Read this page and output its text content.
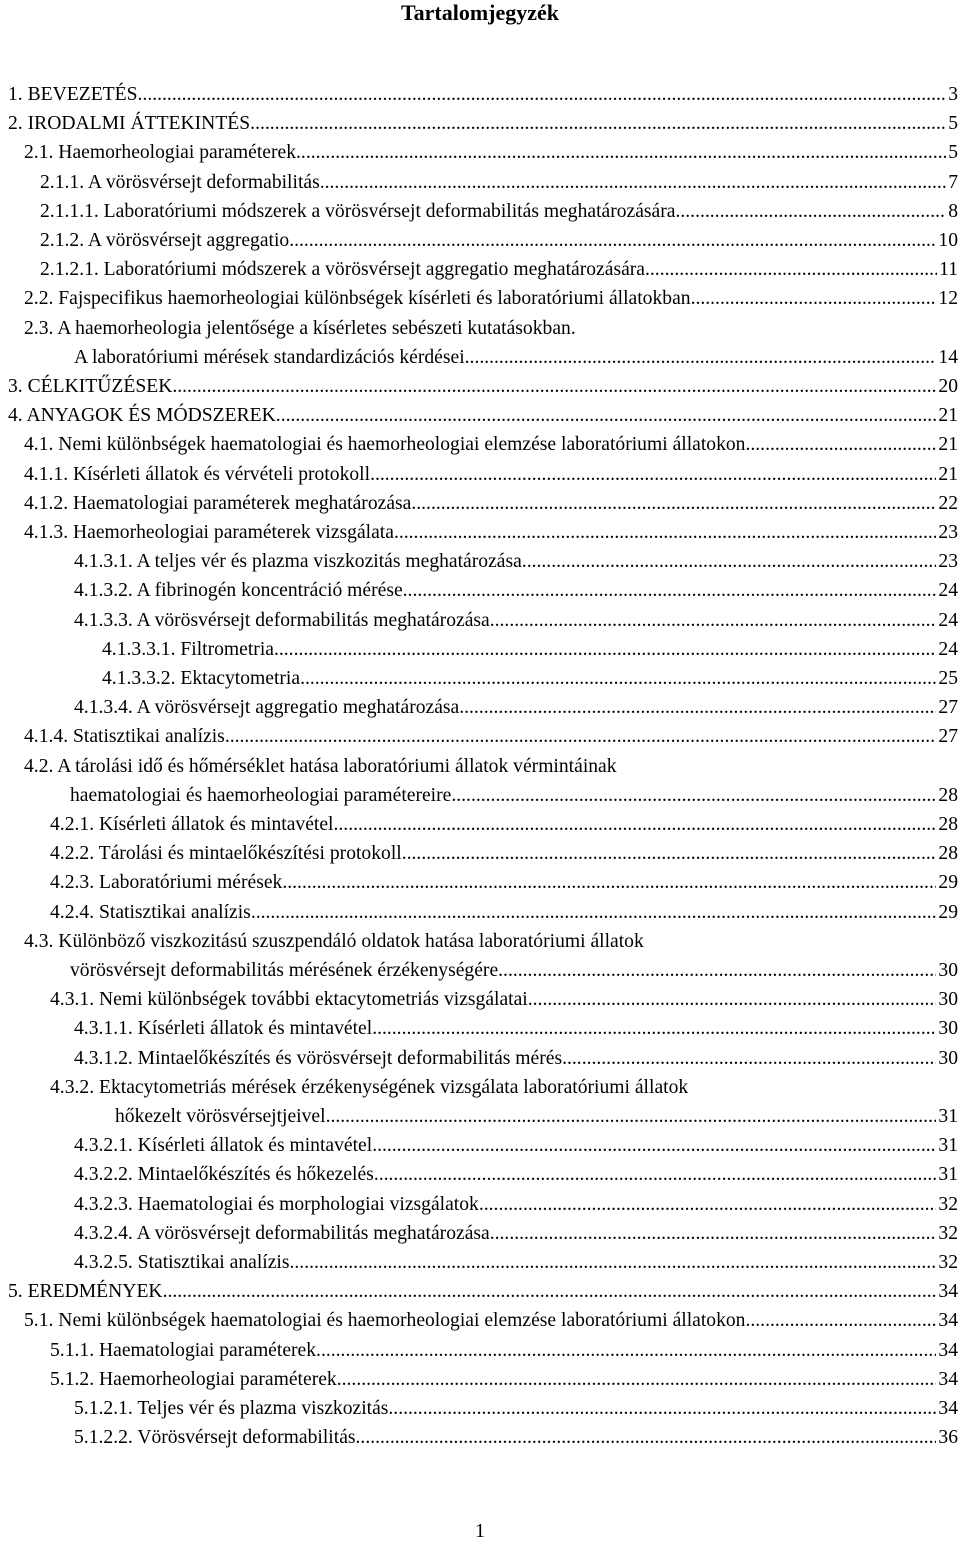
Tartalomjegyzék
1. BEVEZETÉS .....	3
2. IRODALMI ÁTTEKINTÉS .....	5
2.1. Haemorheologiai paraméterek .....	5
2.1.1. A vörösvérsejt deformabilitás .....	7
2.1.1.1. Laboratóriumi módszerek a vörösvérsejt deformabilitás meghatározására .....	8
2.1.2. A vörösvérsejt aggregatio .....	10
2.1.2.1. Laboratóriumi módszerek a vörösvérsejt aggregatio meghatározására .....	11
2.2. Fajspecifikus haemorheologiai különbségek kísérleti és laboratóriumi állatokban .....	12
2.3. A haemorheologia jelentősége a kísérletes sebészeti kutatásokban.
A laboratóriumi mérések standardizációs kérdései .....	14
3. CÉLKITŰZÉSEK .....	20
4. ANYAGOK ÉS MÓDSZEREK .....	21
4.1. Nemi különbségek haematologiai és haemorheologiai elemzése laboratóriumi állatokon .....	21
4.1.1. Kísérleti állatok és vérvételi protokoll .....	21
4.1.2. Haematologiai paraméterek meghatározása .....	22
4.1.3. Haemorheologiai paraméterek vizsgálata .....	23
4.1.3.1. A teljes vér és plazma viszkozitás meghatározása .....	23
4.1.3.2. A fibrinogén koncentráció mérése .....	24
4.1.3.3. A vörösvérsejt deformabilitás meghatározása .....	24
4.1.3.3.1. Filtrometria .....	24
4.1.3.3.2. Ektacytometria .....	25
4.1.3.4. A vörösvérsejt aggregatio meghatározása .....	27
4.1.4. Statisztikai analízis .....	27
4.2. A tárolási idő és hőmérséklet hatása laboratóriumi állatok vérmintáinak
haematologiai és haemorheologiai paramétereire .....	28
4.2.1. Kísérleti állatok és mintavétel .....	28
4.2.2. Tárolási és mintaelőkészítési protokoll .....	28
4.2.3. Laboratóriumi mérések .....	29
4.2.4. Statisztikai analízis .....	29
4.3. Különböző viszkozitású szuszpendáló oldatok hatása laboratóriumi állatok
vörösvérsejt deformabilitás mérésének érzékenységére .....	30
4.3.1. Nemi különbségek további ektacytometriás vizsgálatai .....	30
4.3.1.1. Kísérleti állatok és mintavétel .....	30
4.3.1.2. Mintaelőkészítés és vörösvérsejt deformabilitás mérés .....	30
4.3.2. Ektacytometriás mérések érzékenységének vizsgálata laboratóriumi állatok
hőkezelt vörösvérsejtjeivel .....	31
4.3.2.1. Kísérleti állatok és mintavétel .....	31
4.3.2.2. Mintaelőkészítés és hőkezelés .....	31
4.3.2.3. Haematologiai és morphologiai vizsgálatok .....	32
4.3.2.4. A vörösvérsejt deformabilitás meghatározása .....	32
4.3.2.5. Statisztikai analízis .....	32
5. EREDMÉNYEK .....	34
5.1. Nemi különbségek haematologiai és haemorheologiai elemzése laboratóriumi állatokon .....	34
5.1.1. Haematologiai paraméterek .....	34
5.1.2. Haemorheologiai paraméterek .....	34
5.1.2.1. Teljes vér és plazma viszkozitás .....	34
5.1.2.2. Vörösvérsejt deformabilitás .....	36
1
